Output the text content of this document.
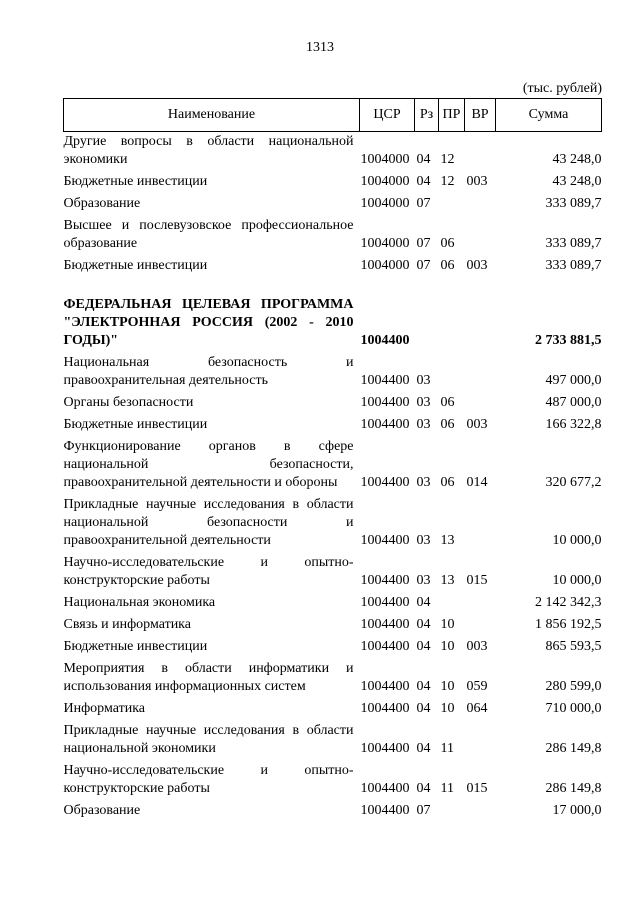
1313
(тыс. рублей)
Наименование	ЦСР	Рз	ПР	ВР	Сумма
Другие вопросы в области национальной экономики	1004000	04	12		43 248,0
Бюджетные инвестиции	1004000	04	12	003	43 248,0
Образование	1004000	07			333 089,7
Высшее и послевузовское профессиональное образование	1004000	07	06		333 089,7
Бюджетные инвестиции	1004000	07	06	003	333 089,7
ФЕДЕРАЛЬНАЯ ЦЕЛЕВАЯ ПРОГРАММА "ЭЛЕКТРОННАЯ РОССИЯ (2002 - 2010 ГОДЫ)"	1004400				2 733 881,5
Национальная безопасность и правоохранительная деятельность	1004400	03			497 000,0
Органы безопасности	1004400	03	06		487 000,0
Бюджетные инвестиции	1004400	03	06	003	166 322,8
Функционирование органов в сфере национальной безопасности, правоохранительной деятельности и обороны	1004400	03	06	014	320 677,2
Прикладные научные исследования в области национальной безопасности и правоохранительной деятельности	1004400	03	13		10 000,0
Научно-исследовательские и опытно-конструкторские работы	1004400	03	13	015	10 000,0
Национальная экономика	1004400	04			2 142 342,3
Связь и информатика	1004400	04	10		1 856 192,5
Бюджетные инвестиции	1004400	04	10	003	865 593,5
Мероприятия в области информатики и использования информационных систем	1004400	04	10	059	280 599,0
Информатика	1004400	04	10	064	710 000,0
Прикладные научные исследования в области национальной экономики	1004400	04	11		286 149,8
Научно-исследовательские и опытно-конструкторские работы	1004400	04	11	015	286 149,8
Образование	1004400	07			17 000,0
